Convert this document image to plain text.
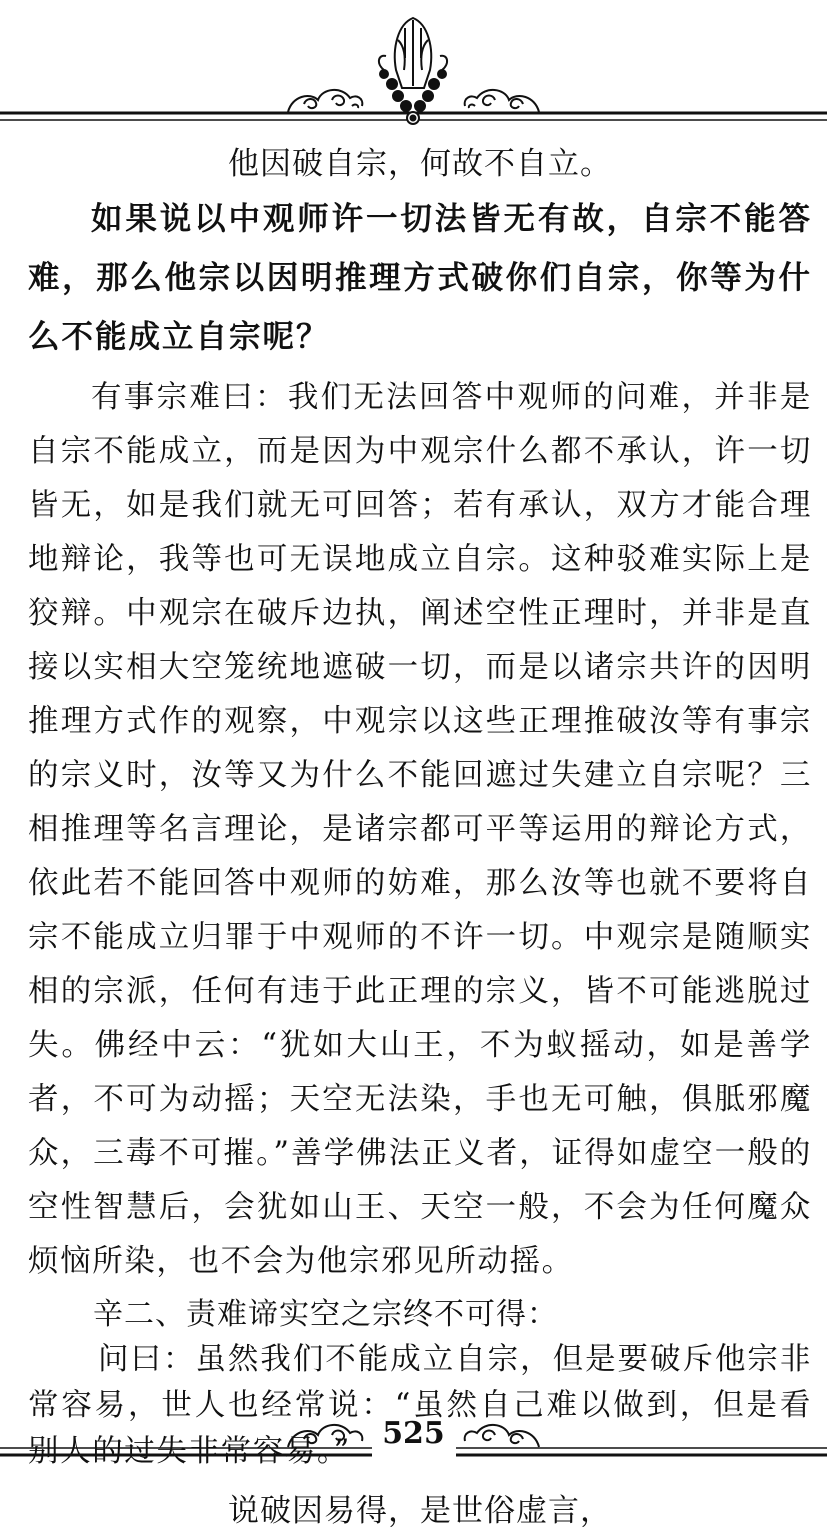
他因破自宗，何故不自立。
如果说以中观师许一切法皆无有故，自宗不能答难，那么他宗以因明推理方式破你们自宗，你等为什么不能成立自宗呢？
有事宗难曰：我们无法回答中观师的问难，并非是自宗不能成立，而是因为中观宗什么都不承认，许一切皆无，如是我们就无可回答；若有承认，双方才能合理地辩论，我等也可无误地成立自宗。这种驳难实际上是狡辩。中观宗在破斥边执，阐述空性正理时，并非是直接以实相大空笼统地遮破一切，而是以诸宗共许的因明推理方式作的观察，中观宗以这些正理推破汝等有事宗的宗义时，汝等又为什么不能回遮过失建立自宗呢？三相推理等名言理论，是诸宗都可平等运用的辩论方式，依此若不能回答中观师的妨难，那么汝等也就不要将自宗不能成立归罪于中观师的不许一切。中观宗是随顺实相的宗派，任何有违于此正理的宗义，皆不可能逃脱过失。佛经中云：“犹如大山王，不为蚁摇动，如是善学者，不可为动摇；天空无法染，手也无可触，俱胝邪魔众，三毒不可摧。”善学佛法正义者，证得如虚空一般的空性智慧后，会犹如山王、天空一般，不会为任何魔众烦恼所染，也不会为他宗邪见所动摇。
辛二、责难谛实空之宗终不可得：
问曰：虽然我们不能成立自宗，但是要破斥他宗非常容易，世人也经常说：“虽然自己难以做到，但是看别人的过失非常容易。”
说破因易得，是世俗虚言，
525
